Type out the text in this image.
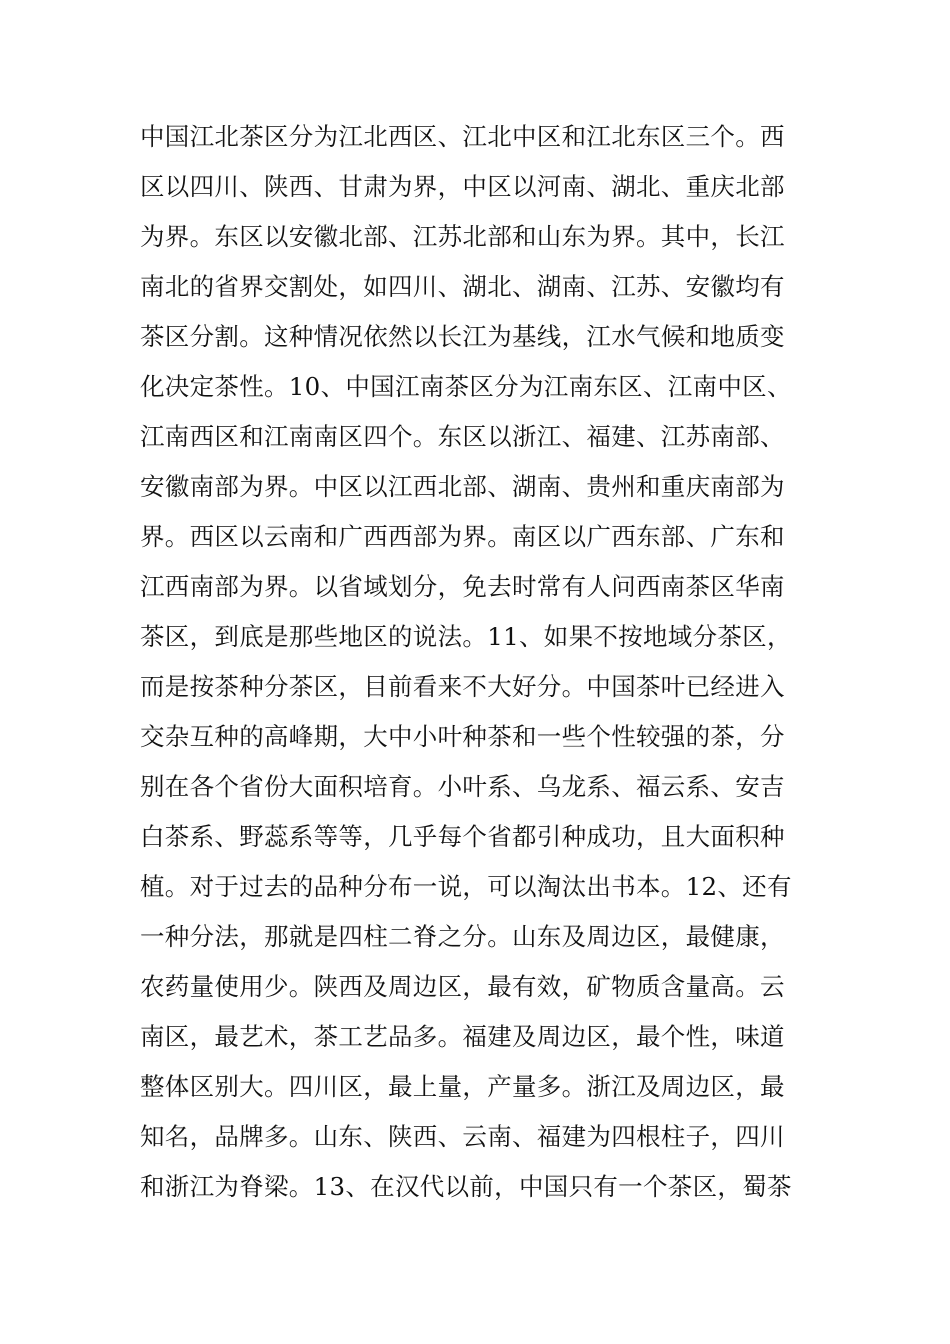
中国江北茶区分为江北西区、江北中区和江北东区三个。西
区以四川、陕西、甘肃为界，中区以河南、湖北、重庆北部
为界。东区以安徽北部、江苏北部和山东为界。其中，长江
南北的省界交割处，如四川、湖北、湖南、江苏、安徽均有
茶区分割。这种情况依然以长江为基线，江水气候和地质变
化决定茶性。10、中国江南茶区分为江南东区、江南中区、
江南西区和江南南区四个。东区以浙江、福建、江苏南部、
安徽南部为界。中区以江西北部、湖南、贵州和重庆南部为
界。西区以云南和广西西部为界。南区以广西东部、广东和
江西南部为界。以省域划分，免去时常有人问西南茶区华南
茶区，到底是那些地区的说法。11、如果不按地域分茶区，
而是按茶种分茶区，目前看来不大好分。中国茶叶已经进入
交杂互种的高峰期，大中小叶种茶和一些个性较强的茶，分
别在各个省份大面积培育。小叶系、乌龙系、福云系、安吉
白茶系、野蕊系等等，几乎每个省都引种成功，且大面积种
植。对于过去的品种分布一说，可以淘汰出书本。12、还有
一种分法，那就是四柱二脊之分。山东及周边区，最健康，
农药量使用少。陕西及周边区，最有效，矿物质含量高。云
南区，最艺术，茶工艺品多。福建及周边区，最个性，味道
整体区别大。四川区，最上量，产量多。浙江及周边区，最
知名，品牌多。山东、陕西、云南、福建为四根柱子，四川
和浙江为脊梁。13、在汉代以前，中国只有一个茶区，蜀茶
